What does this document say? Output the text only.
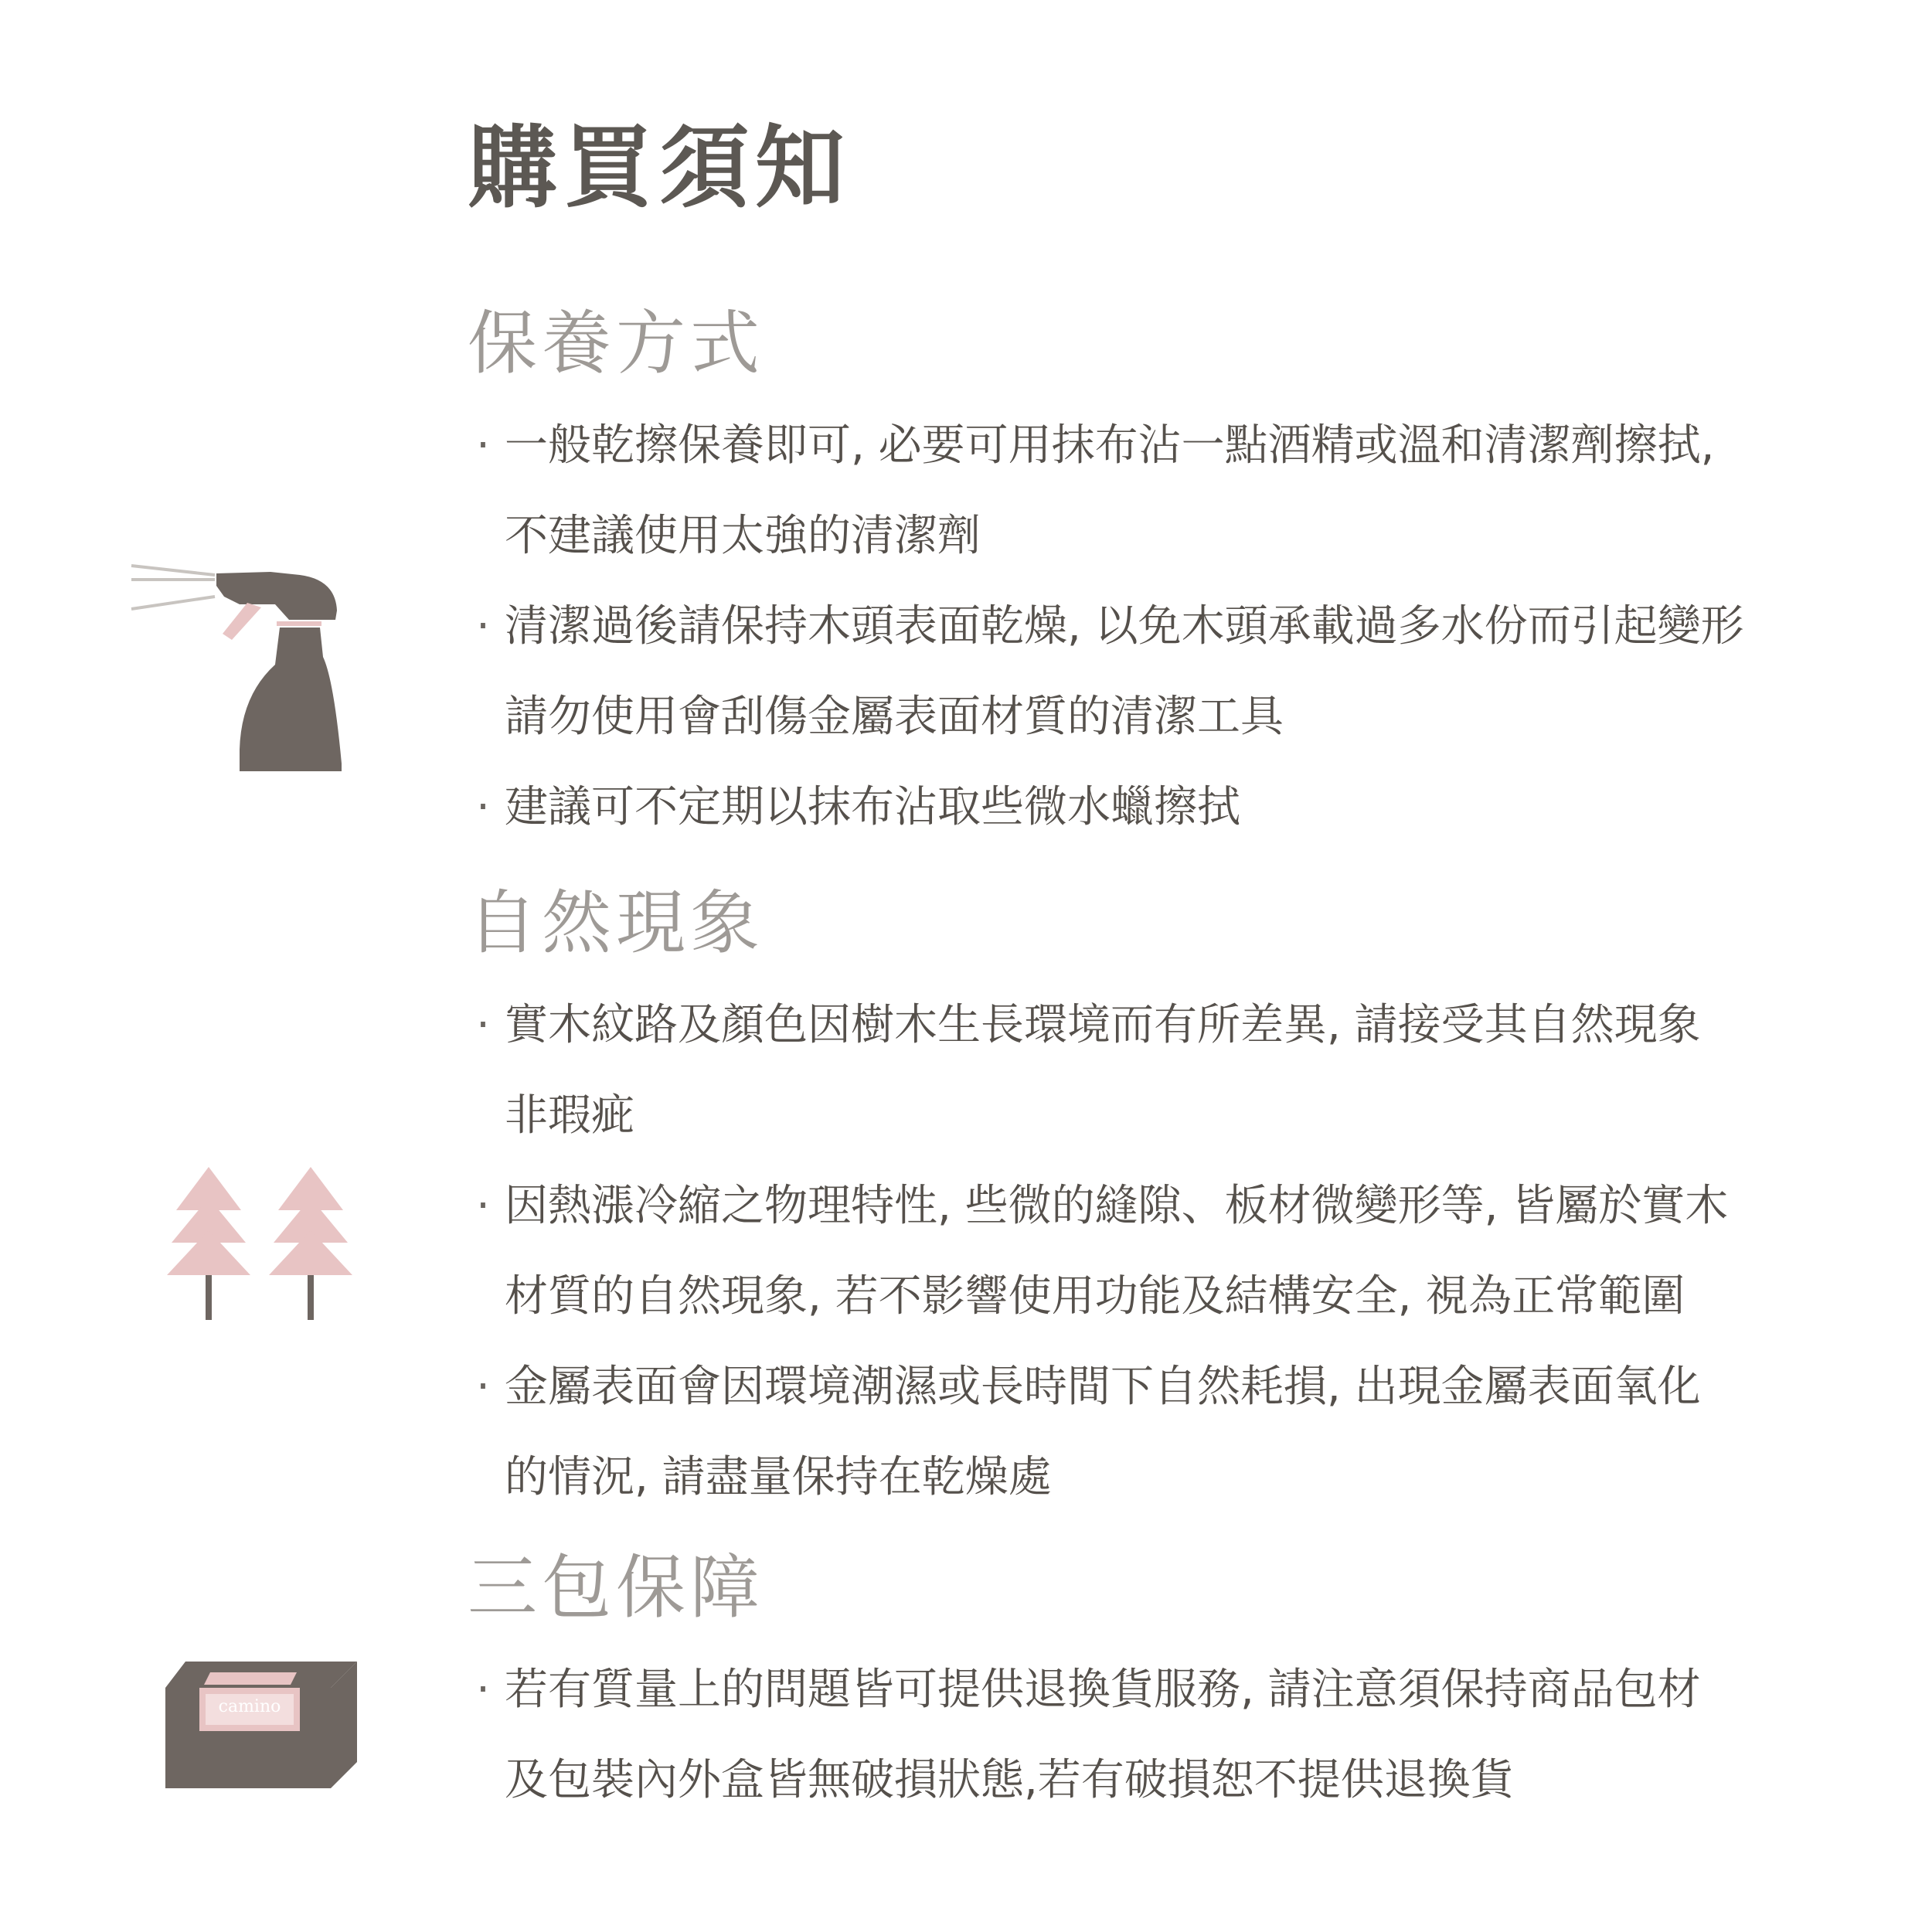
購買須知
保養方式
· 一般乾擦保養即可, 必要可用抹布沾一點酒精或溫和清潔劑擦拭,
不建議使用太強的清潔劑
· 清潔過後請保持木頭表面乾燥, 以免木頭承載過多水份而引起變形
請勿使用會刮傷金屬表面材質的清潔工具
· 建議可不定期以抹布沾取些微水蠟擦拭
自然現象
· 實木紋路及顏色因樹木生長環境而有所差異, 請接受其自然現象
非瑕疵
· 因熱漲冷縮之物理特性, 些微的縫隙、板材微變形等, 皆屬於實木
材質的自然現象, 若不影響使用功能及結構安全, 視為正常範圍
· 金屬表面會因環境潮濕或長時間下自然耗損, 出現金屬表面氧化
的情況, 請盡量保持在乾燥處
三包保障
· 若有質量上的問題皆可提供退換貨服務, 請注意須保持商品包材
及包裝內外盒皆無破損狀態,若有破損恕不提供退換貨
camino
